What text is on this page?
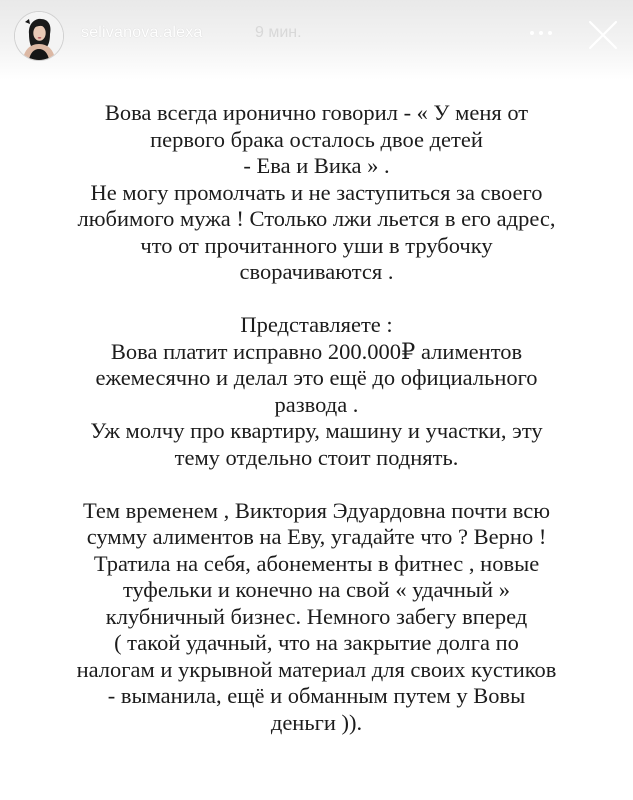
selivanova.alexa	9 мин.
Вова всегда иронично говорил - « У меня от
первого брака осталось двое детей
- Ева и Вика » .
Не могу промолчать и не заступиться за своего
любимого мужа ! Столько лжи льется в его адрес,
что от прочитанного уши в трубочку
сворачиваются .
Представляете :
Вова платит исправно 200.000₽ алиментов
ежемесячно и делал это ещё до официального
развода .
Уж молчу про квартиру, машину и участки, эту
тему отдельно стоит поднять.
Тем временем , Виктория Эдуардовна почти всю
сумму алиментов на Еву, угадайте что ? Верно !
Тратила на себя, абонементы в фитнес , новые
туфельки и конечно на свой « удачный »
клубничный бизнес. Немного забегу вперед
( такой удачный, что на закрытие долга по
налогам и укрывной материал для своих кустиков
- выманила, ещё и обманным путем у Вовы
деньги )).
